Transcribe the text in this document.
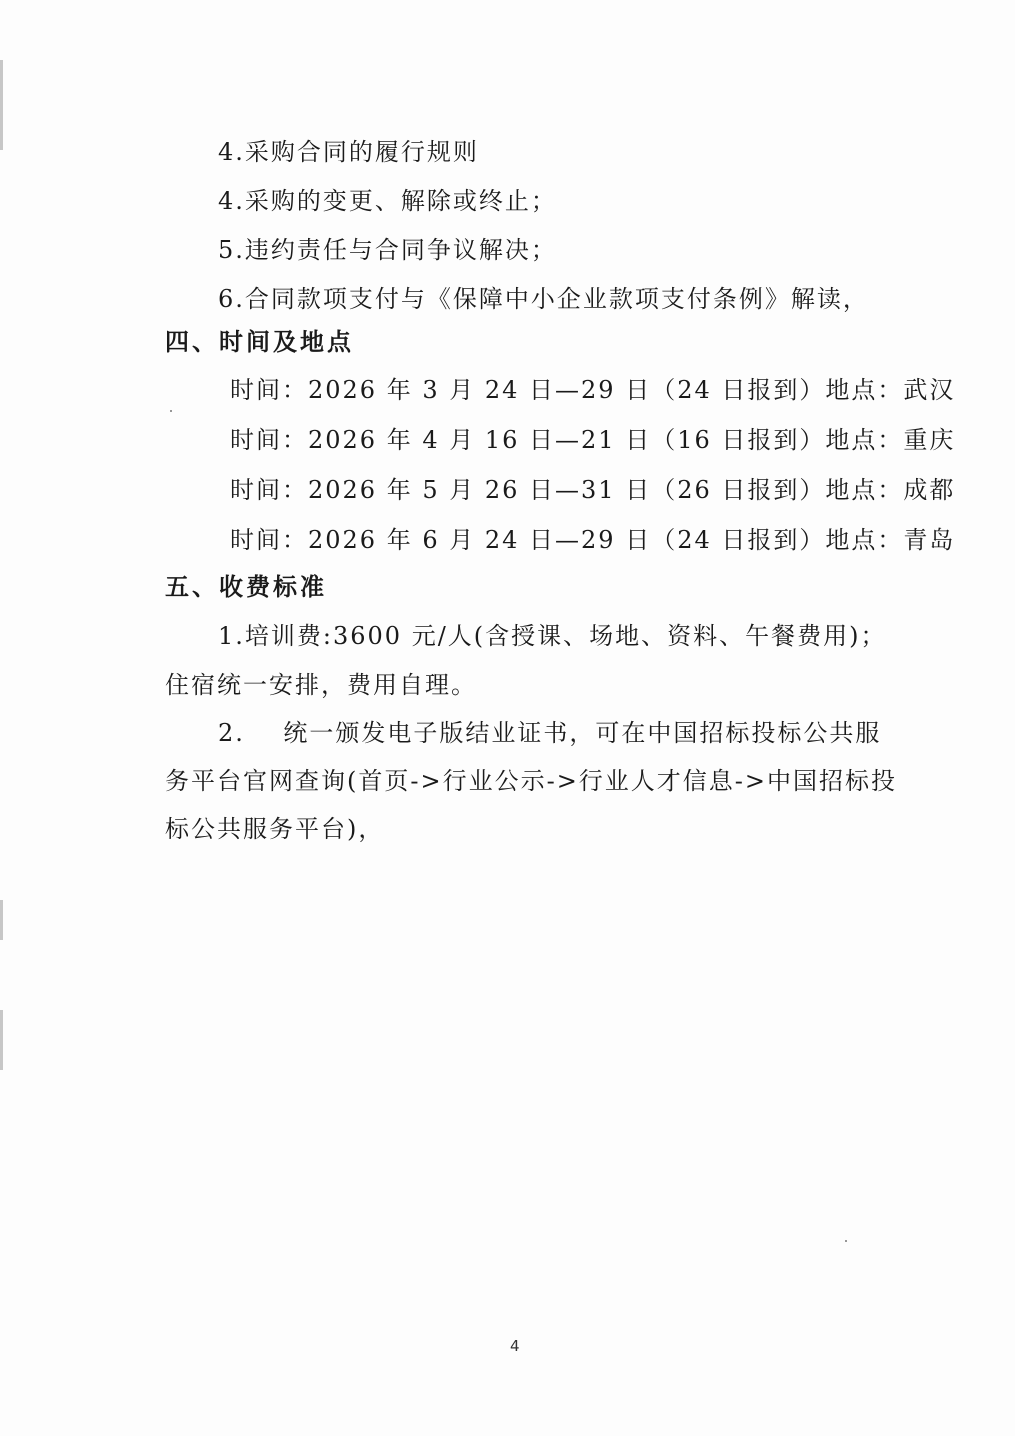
4.采购合同的履行规则
4.采购的变更、解除或终止；
5.违约责任与合同争议解决；
6.合同款项支付与《保障中小企业款项支付条例》解读，
四、时间及地点
时间：2026 年 3 月 24 日—29 日（24 日报到）地点：武汉
时间：2026 年 4 月 16 日—21 日（16 日报到）地点：重庆
时间：2026 年 5 月 26 日—31 日（26 日报到）地点：成都
时间：2026 年 6 月 24 日—29 日（24 日报到）地点：青岛
五、收费标准
1.培训费:3600 元/人(含授课、场地、资料、午餐费用)；
住宿统一安排，费用自理。
2.    统一颁发电子版结业证书，可在中国招标投标公共服
务平台官网查询(首页->行业公示->行业人才信息->中国招标投
标公共服务平台)，
4
